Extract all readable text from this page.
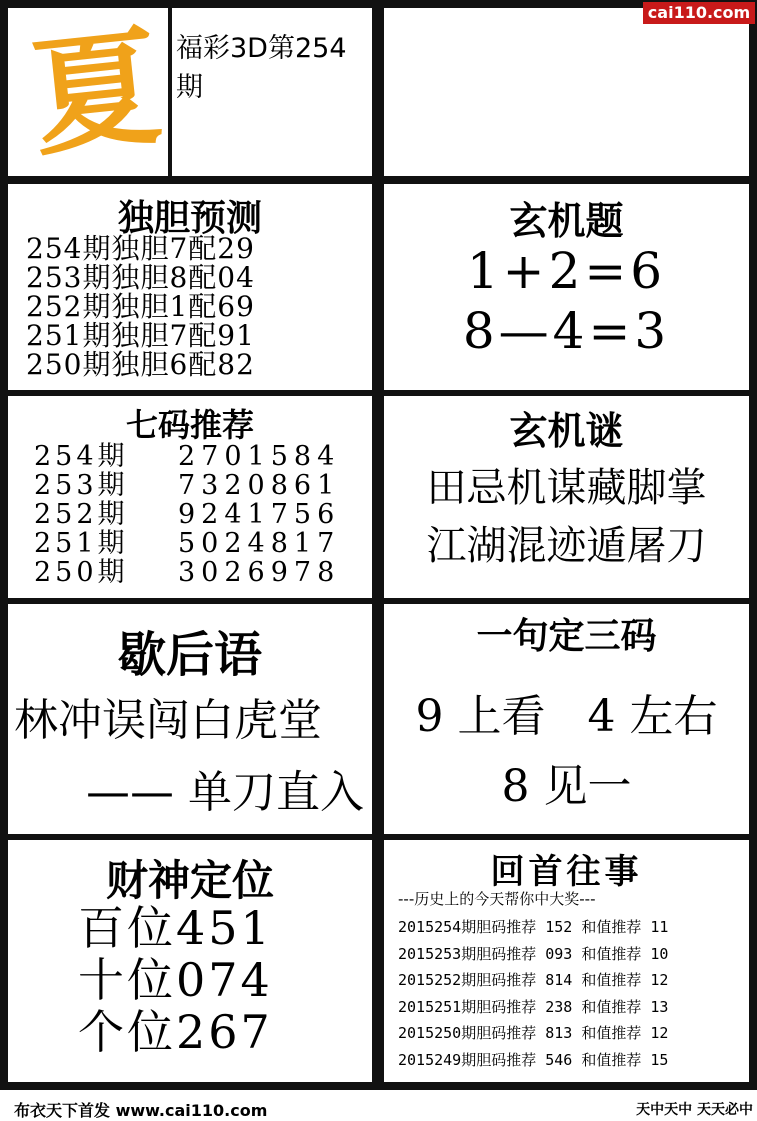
夏 福彩3D第254期
cai110.com
独胆预测
254期独胆7配29
253期独胆8配04
252期独胆1配69
251期独胆7配91
250期独胆6配82
玄机题
1+2=6
8—4=3
七码推荐
254期	2701584
253期	7320861
252期	9241756
251期	5024817
250期	3026978
玄机谜
田忌机谋藏脚掌
江湖混迹遁屠刀
歇后语
林冲误闯白虎堂
—— 单刀直入
一句定三码
9 上看   4 左右
8 见一
财神定位
百位451
十位074
个位267
回首往事
---历史上的今天帮你中大奖---
2015254期胆码推荐 152 和值推荐 11
2015253期胆码推荐 093 和值推荐 10
2015252期胆码推荐 814 和值推荐 12
2015251期胆码推荐 238 和值推荐 13
2015250期胆码推荐 813 和值推荐 12
2015249期胆码推荐 546 和值推荐 15
布衣天下首发 www.cai110.com	天中天中 天天必中
